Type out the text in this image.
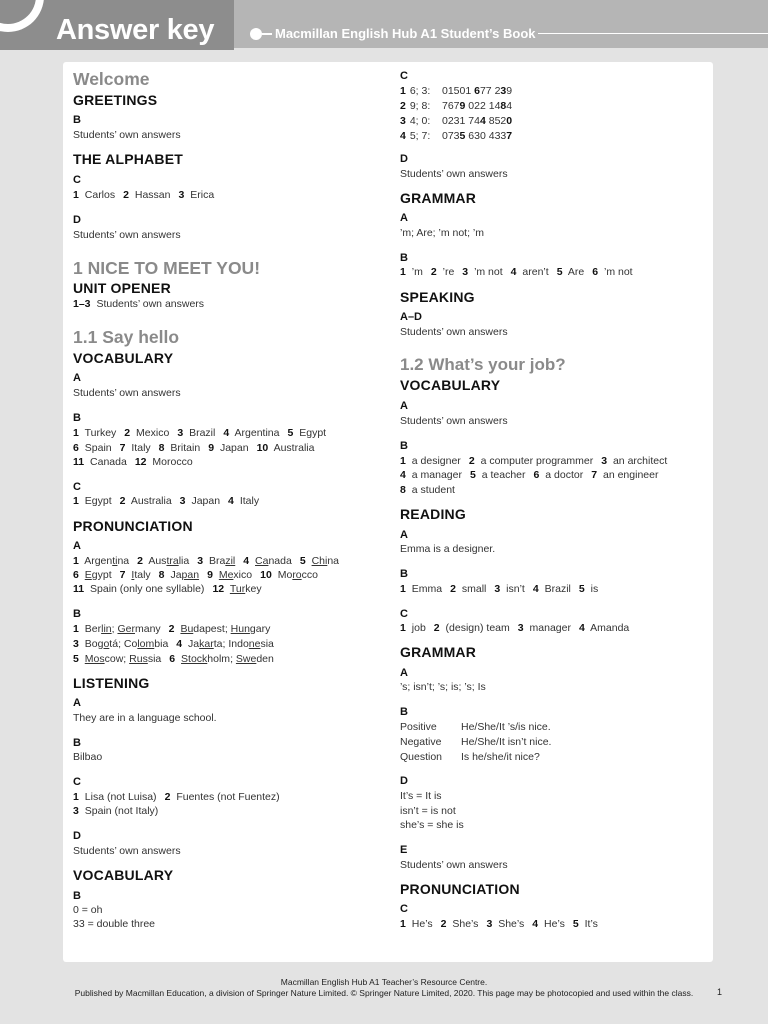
Answer key	Macmillan English Hub A1 Student’s Book
Welcome
GREETINGS
B
Students’ own answers
THE ALPHABET
C
1 Carlos 2 Hassan 3 Erica
D
Students’ own answers
1 NICE TO MEET YOU!
UNIT OPENER
1–3 Students’ own answers
1.1 Say hello
VOCABULARY
A
Students’ own answers
B
1 Turkey 2 Mexico 3 Brazil 4 Argentina 5 Egypt
6 Spain 7 Italy 8 Britain 9 Japan 10 Australia
11 Canada 12 Morocco
C
1 Egypt 2 Australia 3 Japan 4 Italy
PRONUNCIATION
A
1 Argentina 2 Australia 3 Brazil 4 Canada 5 China
6 Egypt 7 Italy 8 Japan 9 Mexico 10 Morocco
11 Spain (only one syllable) 12 Turkey
B
1 Berlin; Germany 2 Budapest; Hungary
3 Bogotá; Colombia 4 Jakarta; Indonesia
5 Moscow; Russia 6 Stockholm; Sweden
LISTENING
A
They are in a language school.
B
Bilbao
C
1 Lisa (not Luisa) 2 Fuentes (not Fuentez)
3 Spain (not Italy)
D
Students’ own answers
VOCABULARY
B
0 = oh
33 = double three
C
1 6; 3: 01501 677 239
2 9; 8: 7679 022 1484
3 4; 0: 0231 744 8520
4 5; 7: 0735 630 4337
D
Students’ own answers
GRAMMAR
A
’m; Are; ’m not; ’m
B
1 ’m 2 ’re 3 ’m not 4 aren’t 5 Are 6 ’m not
SPEAKING
A–D
Students’ own answers
1.2 What’s your job?
VOCABULARY
A
Students’ own answers
B
1 a designer 2 a computer programmer 3 an architect
4 a manager 5 a teacher 6 a doctor 7 an engineer
8 a student
READING
A
Emma is a designer.
B
1 Emma 2 small 3 isn’t 4 Brazil 5 is
C
1 job 2 (design) team 3 manager 4 Amanda
GRAMMAR
A
’s; isn’t; ’s; is; ’s; Is
B
Positive He/She/It ’s/is nice.
Negative He/She/It isn’t nice.
Question Is he/she/it nice?
D
It’s = It is
isn’t = is not
she’s = she is
E
Students’ own answers
PRONUNCIATION
C
1 He’s 2 She’s 3 She’s 4 He’s 5 It’s
Macmillan English Hub A1 Teacher’s Resource Centre.
Published by Macmillan Education, a division of Springer Nature Limited. © Springer Nature Limited, 2020. This page may be photocopied and used within the class.	1
